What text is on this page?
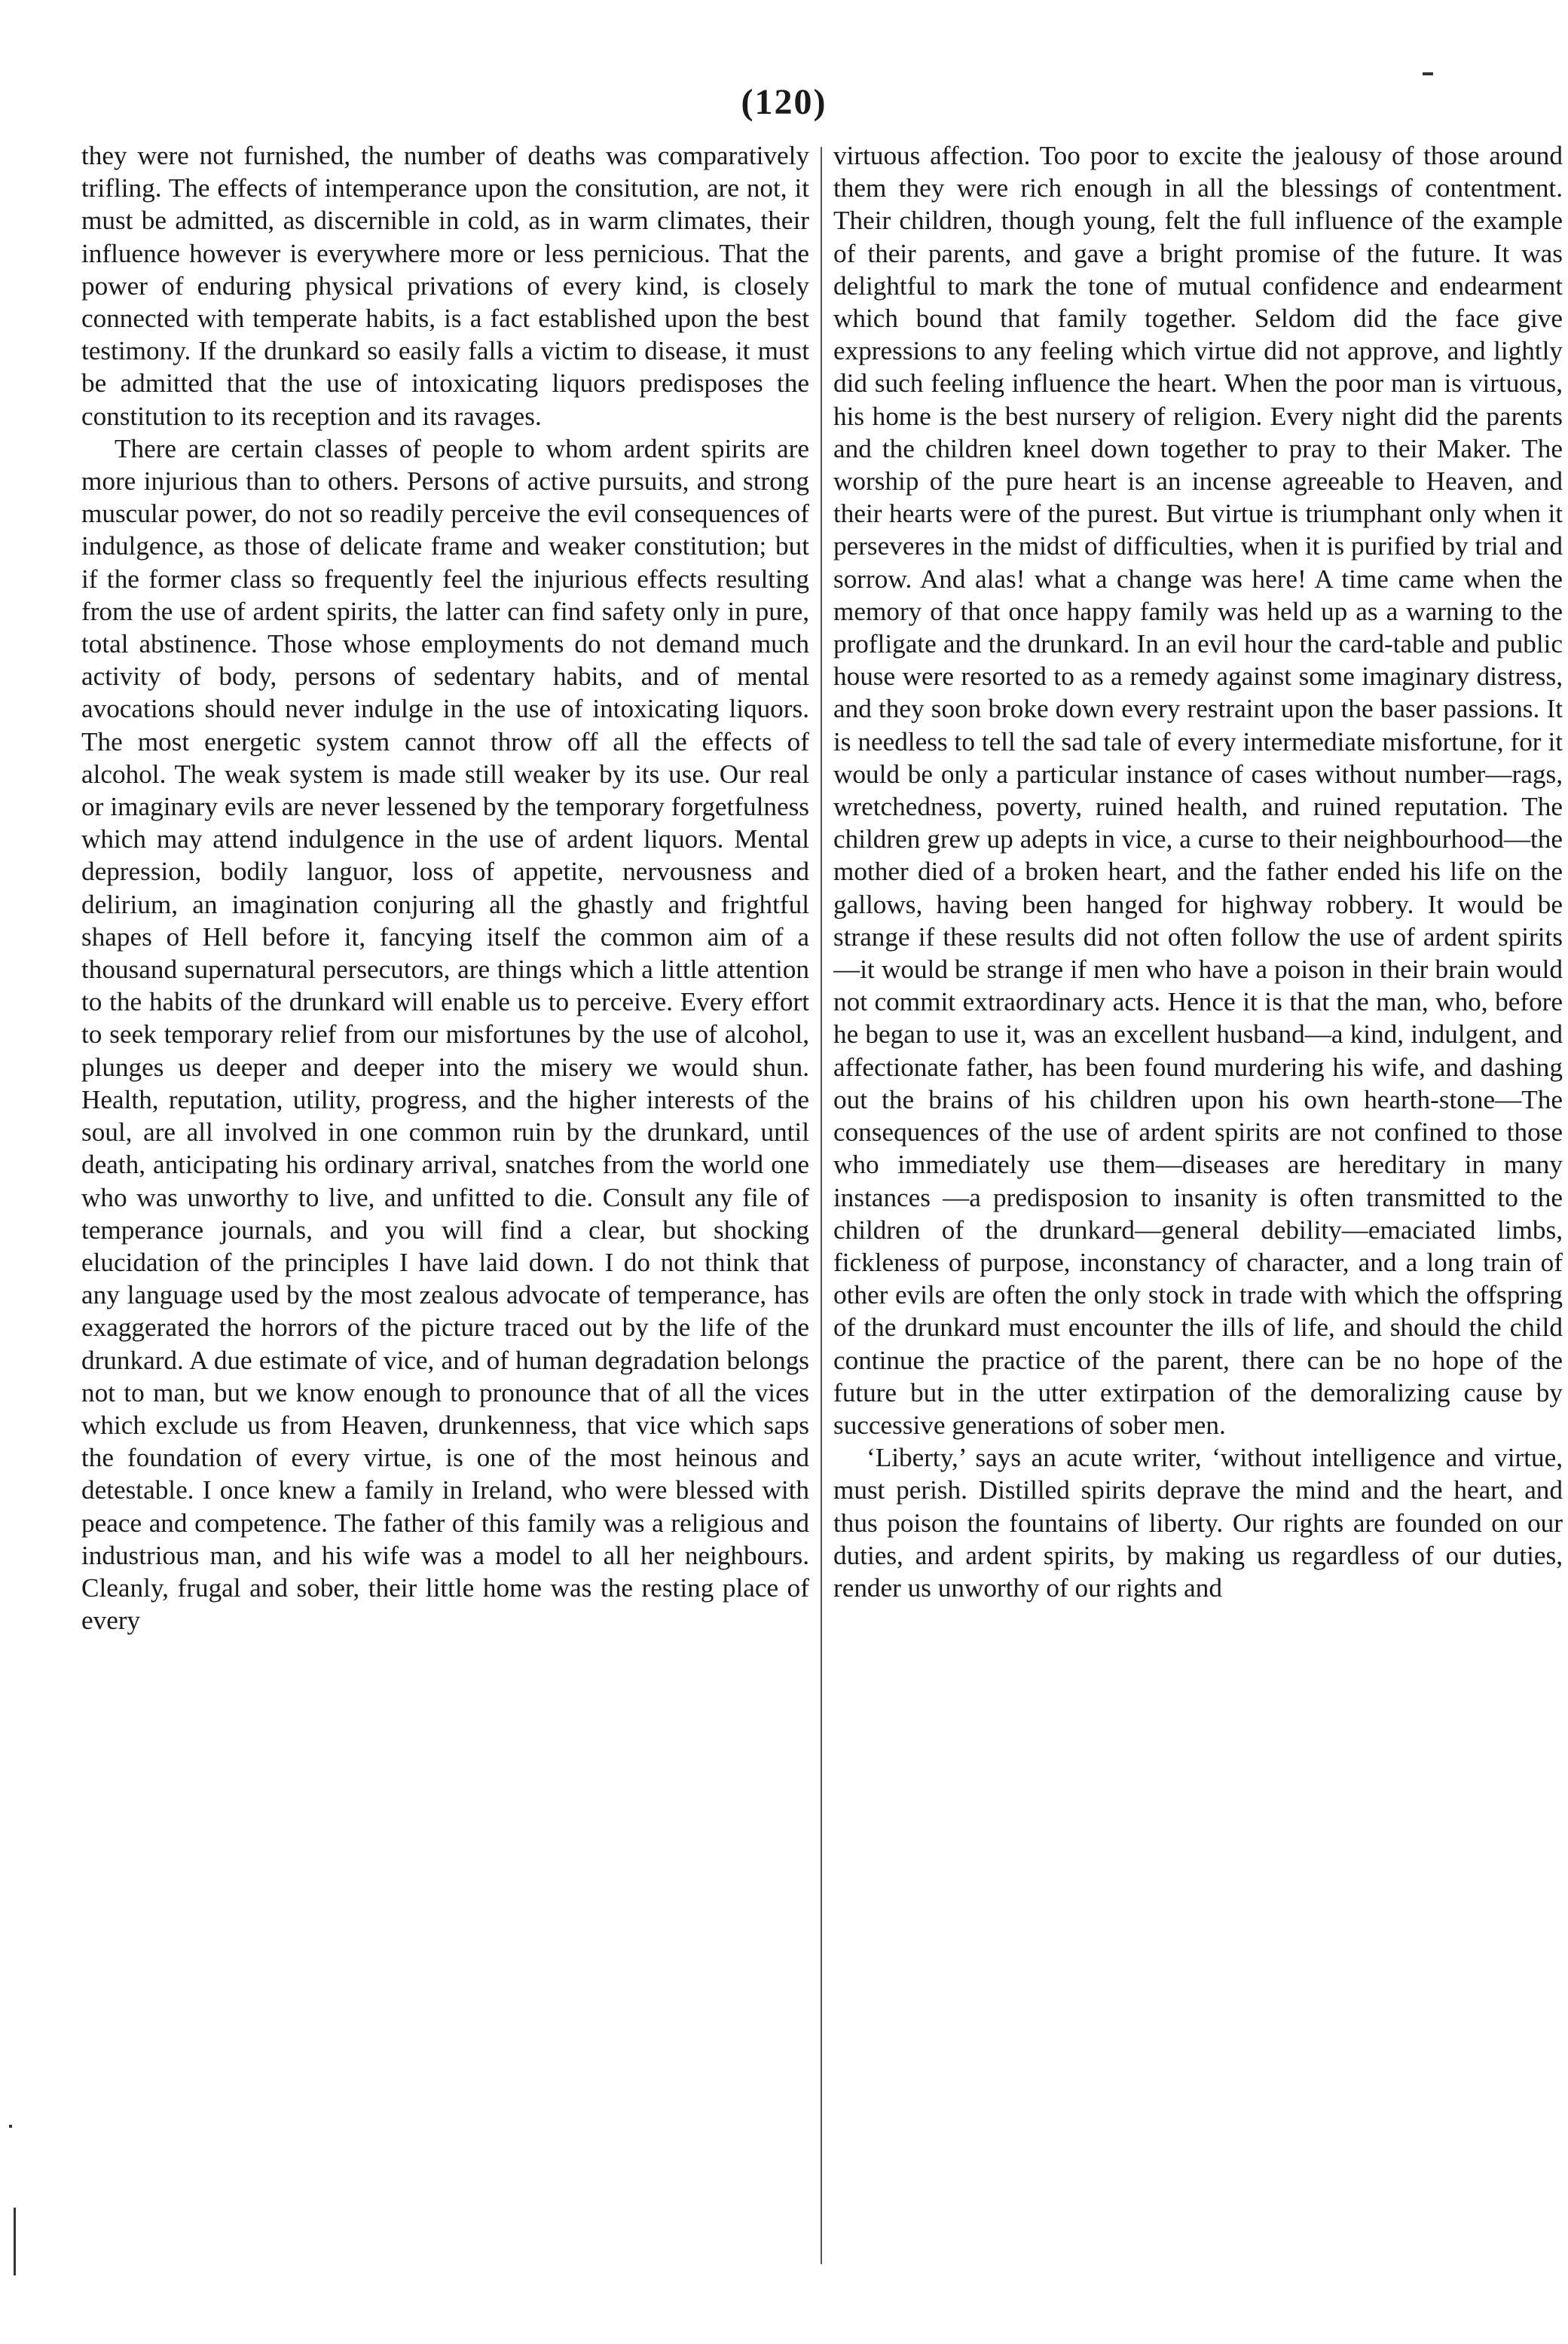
(120)

they were not furnished, the number of deaths was comparatively trifling. The effects of intemperance upon the consitution, are not, it must be admitted, as discernible in cold, as in warm climates, their influence however is everywhere more or less pernicious. That the power of enduring physical privations of every kind, is closely connected with temperate habits, is a fact established upon the best testimony. If the drunkard so easily falls a victim to disease, it must be admitted that the use of intoxicating liquors predisposes the constitution to its reception and its ravages.

There are certain classes of people to whom ardent spirits are more injurious than to others. Persons of active pursuits, and strong muscular power, do not so readily perceive the evil consequences of indulgence, as those of delicate frame and weaker constitution; but if the former class so frequently feel the injurious effects resulting from the use of ardent spirits, the latter can find safety only in pure, total abstinence. Those whose employments do not demand much activity of body, persons of sedentary habits, and of mental avocations should never indulge in the use of intoxicating liquors. The most energetic system cannot throw off all the effects of alcohol. The weak system is made still weaker by its use. Our real or imaginary evils are never lessened by the temporary forgetfulness which may attend indulgence in the use of ardent liquors. Mental depression, bodily languor, loss of appetite, nervousness and delirium, an imagination conjuring all the ghastly and frightful shapes of Hell before it, fancying itself the common aim of a thousand supernatural persecutors, are things which a little attention to the habits of the drunkard will enable us to perceive. Every effort to seek temporary relief from our misfortunes by the use of alcohol, plunges us deeper and deeper into the misery we would shun. Health, reputation, utility, progress, and the higher interests of the soul, are all involved in one common ruin by the drunkard, until death, anticipating his ordinary arrival, snatches from the world one who was unworthy to live, and unfitted to die. Consult any file of temperance journals, and you will find a clear, but shocking elucidation of the principles I have laid down. I do not think that any language used by the most zealous advocate of temperance, has exaggerated the horrors of the picture traced out by the life of the drunkard. A due estimate of vice, and of human degradation belongs not to man, but we know enough to pronounce that of all the vices which exclude us from Heaven, drunkenness, that vice which saps the foundation of every virtue, is one of the most heinous and detestable. I once knew a family in Ireland, who were blessed with peace and competence. The father of this family was a religious and industrious man, and his wife was a model to all her neighbours. Cleanly, frugal and sober, their little home was the resting place of every

virtuous affection. Too poor to excite the jealousy of those around them they were rich enough in all the blessings of contentment. Their children, though young, felt the full influence of the example of their parents, and gave a bright promise of the future. It was delightful to mark the tone of mutual confidence and endearment which bound that family together. Seldom did the face give expressions to any feeling which virtue did not approve, and lightly did such feeling influence the heart. When the poor man is virtuous, his home is the best nursery of religion. Every night did the parents and the children kneel down together to pray to their Maker. The worship of the pure heart is an incense agreeable to Heaven, and their hearts were of the purest. But virtue is triumphant only when it perseveres in the midst of difficulties, when it is purified by trial and sorrow. And alas! what a change was here! A time came when the memory of that once happy family was held up as a warning to the profligate and the drunkard. In an evil hour the card-table and public house were resorted to as a remedy against some imaginary distress, and they soon broke down every restraint upon the baser passions. It is needless to tell the sad tale of every intermediate misfortune, for it would be only a particular instance of cases without number—rags, wretchedness, poverty, ruined health, and ruined reputation. The children grew up adepts in vice, a curse to their neighbourhood—the mother died of a broken heart, and the father ended his life on the gallows, having been hanged for highway robbery. It would be strange if these results did not often follow the use of ardent spirits—it would be strange if men who have a poison in their brain would not commit extraordinary acts. Hence it is that the man, who, before he began to use it, was an excellent husband—a kind, indulgent, and affectionate father, has been found murdering his wife, and dashing out the brains of his children upon his own hearth-stone—The consequences of the use of ardent spirits are not confined to those who immediately use them—diseases are hereditary in many instances —a predisposion to insanity is often transmitted to the children of the drunkard—general debility—emaciated limbs, fickleness of purpose, inconstancy of character, and a long train of other evils are often the only stock in trade with which the offspring of the drunkard must encounter the ills of life, and should the child continue the practice of the parent, there can be no hope of the future but in the utter extirpation of the demoralizing cause by successive generations of sober men.

‘Liberty,’ says an acute writer, ‘without intelligence and virtue, must perish. Distilled spirits deprave the mind and the heart, and thus poison the fountains of liberty. Our rights are founded on our duties, and ardent spirits, by making us regardless of our duties, render us unworthy of our rights and
